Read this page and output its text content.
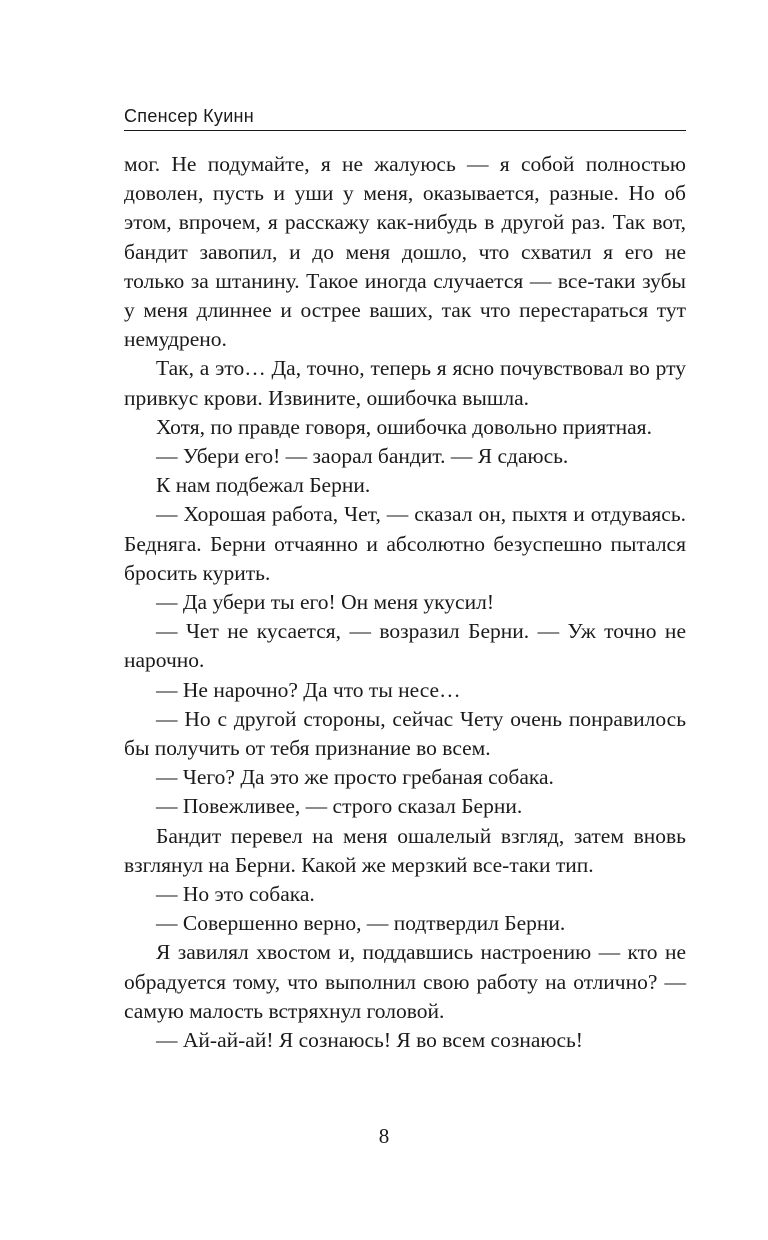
Спенсер Куинн

мог. Не подумайте, я не жалуюсь — я собой полностью доволен, пусть и уши у меня, оказывается, разные. Но об этом, впрочем, я расскажу как-нибудь в другой раз. Так вот, бандит завопил, и до меня дошло, что схватил я его не только за штанину. Такое иногда случается — все-таки зубы у меня длиннее и острее ваших, так что перестараться тут немудрено.

Так, а это… Да, точно, теперь я ясно почувствовал во рту привкус крови. Извините, ошибочка вышла.

Хотя, по правде говоря, ошибочка довольно приятная.

— Убери его! — заорал бандит. — Я сдаюсь.

К нам подбежал Берни.

— Хорошая работа, Чет, — сказал он, пыхтя и отдуваясь. Бедняга. Берни отчаянно и абсолютно безуспешно пытался бросить курить.

— Да убери ты его! Он меня укусил!

— Чет не кусается, — возразил Берни. — Уж точно не нарочно.

— Не нарочно? Да что ты несе…

— Но с другой стороны, сейчас Чету очень понравилось бы получить от тебя признание во всем.

— Чего? Да это же просто гребаная собака.

— Повежливее, — строго сказал Берни.

Бандит перевел на меня ошалелый взгляд, затем вновь взглянул на Берни. Какой же мерзкий все-таки тип.

— Но это собака.

— Совершенно верно, — подтвердил Берни.

Я завилял хвостом и, поддавшись настроению — кто не обрадуется тому, что выполнил свою работу на отлично? — самую малость встряхнул головой.

— Ай-ай-ай! Я сознаюсь! Я во всем сознаюсь!

8
